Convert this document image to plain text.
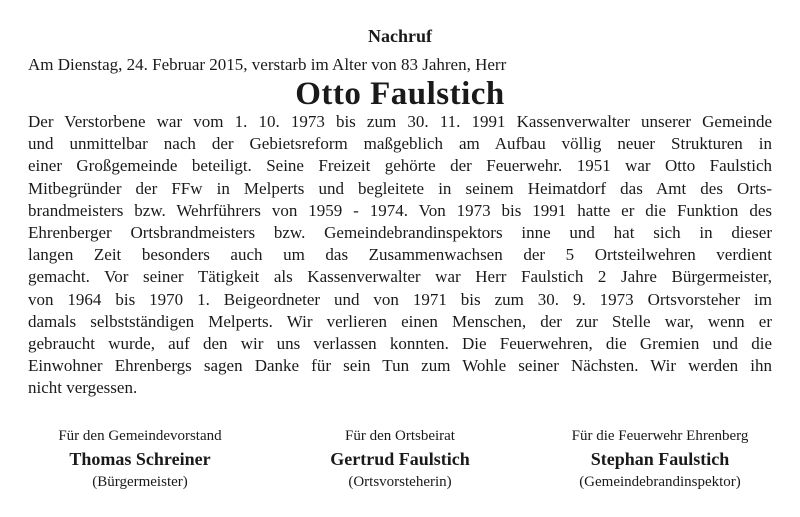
Nachruf
Am Dienstag, 24. Februar 2015, verstarb im Alter von 83 Jahren, Herr
Otto Faulstich
Der Verstorbene war vom 1. 10. 1973 bis zum 30. 11. 1991 Kassenverwalter unserer Gemeinde
und unmittelbar nach der Gebietsreform maßgeblich am Aufbau völlig neuer Strukturen in
einer Großgemeinde beteiligt. Seine Freizeit gehörte der Feuerwehr. 1951 war Otto Faulstich
Mitbegründer der FFw in Melperts und begleitete in seinem Heimatdorf das Amt des Orts-
brandmeisters bzw. Wehrführers von 1959 - 1974. Von 1973 bis 1991 hatte er die Funktion des
Ehrenberger Ortsbrandmeisters bzw. Gemeindebrandinspektors inne und hat sich in dieser
langen Zeit besonders auch um das Zusammenwachsen der 5 Ortsteilwehren verdient
gemacht. Vor seiner Tätigkeit als Kassenverwalter war Herr Faulstich 2 Jahre Bürgermeister,
von 1964 bis 1970 1. Beigeordneter und von 1971 bis zum 30. 9. 1973 Ortsvorsteher im
damals selbstständigen Melperts. Wir verlieren einen Menschen, der zur Stelle war, wenn er
gebraucht wurde, auf den wir uns verlassen konnten. Die Feuerwehren, die Gremien und die
Einwohner Ehrenbergs sagen Danke für sein Tun zum Wohle seiner Nächsten. Wir werden ihn
nicht vergessen.
Für den Gemeindevorstand
Thomas Schreiner
(Bürgermeister)
Für den Ortsbeirat
Gertrud Faulstich
(Ortsvorsteherin)
Für die Feuerwehr Ehrenberg
Stephan Faulstich
(Gemeindebrandinspektor)
